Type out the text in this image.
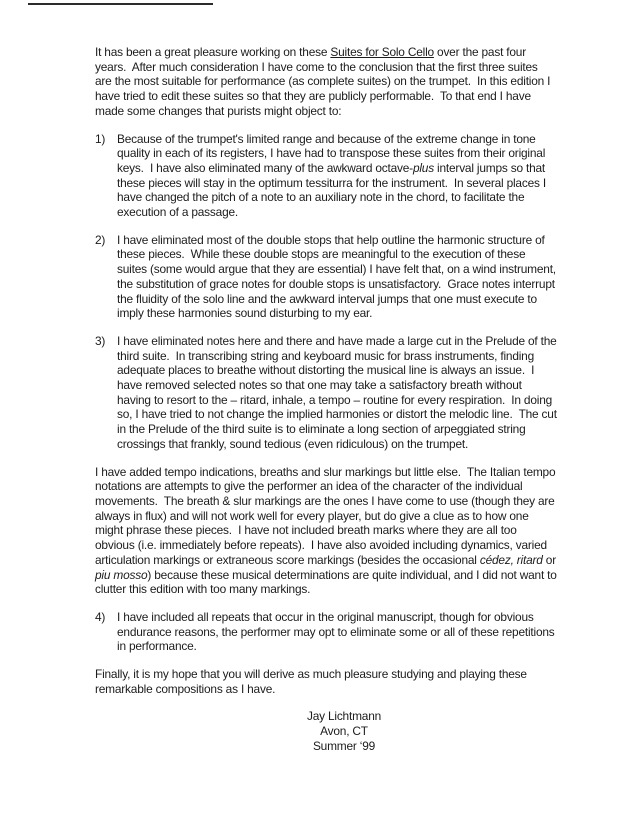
It has been a great pleasure working on these Suites for Solo Cello over the past four years.  After much consideration I have come to the conclusion that the first three suites are the most suitable for performance (as complete suites) on the trumpet.  In this edition I have tried to edit these suites so that they are publicly performable.  To that end I have made some changes that purists might object to:

1) Because of the trumpet's limited range and because of the extreme change in tone quality in each of its registers, I have had to transpose these suites from their original keys.  I have also eliminated many of the awkward octave-plus interval jumps so that these pieces will stay in the optimum tessiturra for the instrument.  In several places I have changed the pitch of a note to an auxiliary note in the chord, to facilitate the execution of a passage.
2) I have eliminated most of the double stops that help outline the harmonic structure of these pieces.  While these double stops are meaningful to the execution of these suites (some would argue that they are essential) I have felt that, on a wind instrument, the substitution of grace notes for double stops is unsatisfactory.  Grace notes interrupt the fluidity of the solo line and the awkward interval jumps that one must execute to imply these harmonies sound disturbing to my ear.
3) I have eliminated notes here and there and have made a large cut in the Prelude of the third suite.  In transcribing string and keyboard music for brass instruments, finding adequate places to breathe without distorting the musical line is always an issue.  I have removed selected notes so that one may take a satisfactory breath without having to resort to the – ritard, inhale, a tempo – routine for every respiration.  In doing so, I have tried to not change the implied harmonies or distort the melodic line.  The cut in the Prelude of the third suite is to eliminate a long section of arpeggiated string crossings that frankly, sound tedious (even ridiculous) on the trumpet.

I have added tempo indications, breaths and slur markings but little else.  The Italian tempo notations are attempts to give the performer an idea of the character of the individual movements.  The breath & slur markings are the ones I have come to use (though they are always in flux) and will not work well for every player, but do give a clue as to how one might phrase these pieces.  I have not included breath marks where they are all too obvious (i.e. immediately before repeats).  I have also avoided including dynamics, varied articulation markings or extraneous score markings (besides the occasional cédez, ritard or piu mosso) because these musical determinations are quite individual, and I did not want to clutter this edition with too many markings.

4) I have included all repeats that occur in the original manuscript, though for obvious endurance reasons, the performer may opt to eliminate some or all of these repetitions in performance.

Finally, it is my hope that you will derive as much pleasure studying and playing these remarkable compositions as I have.

Jay Lichtmann
Avon, CT
Summer ‘99
